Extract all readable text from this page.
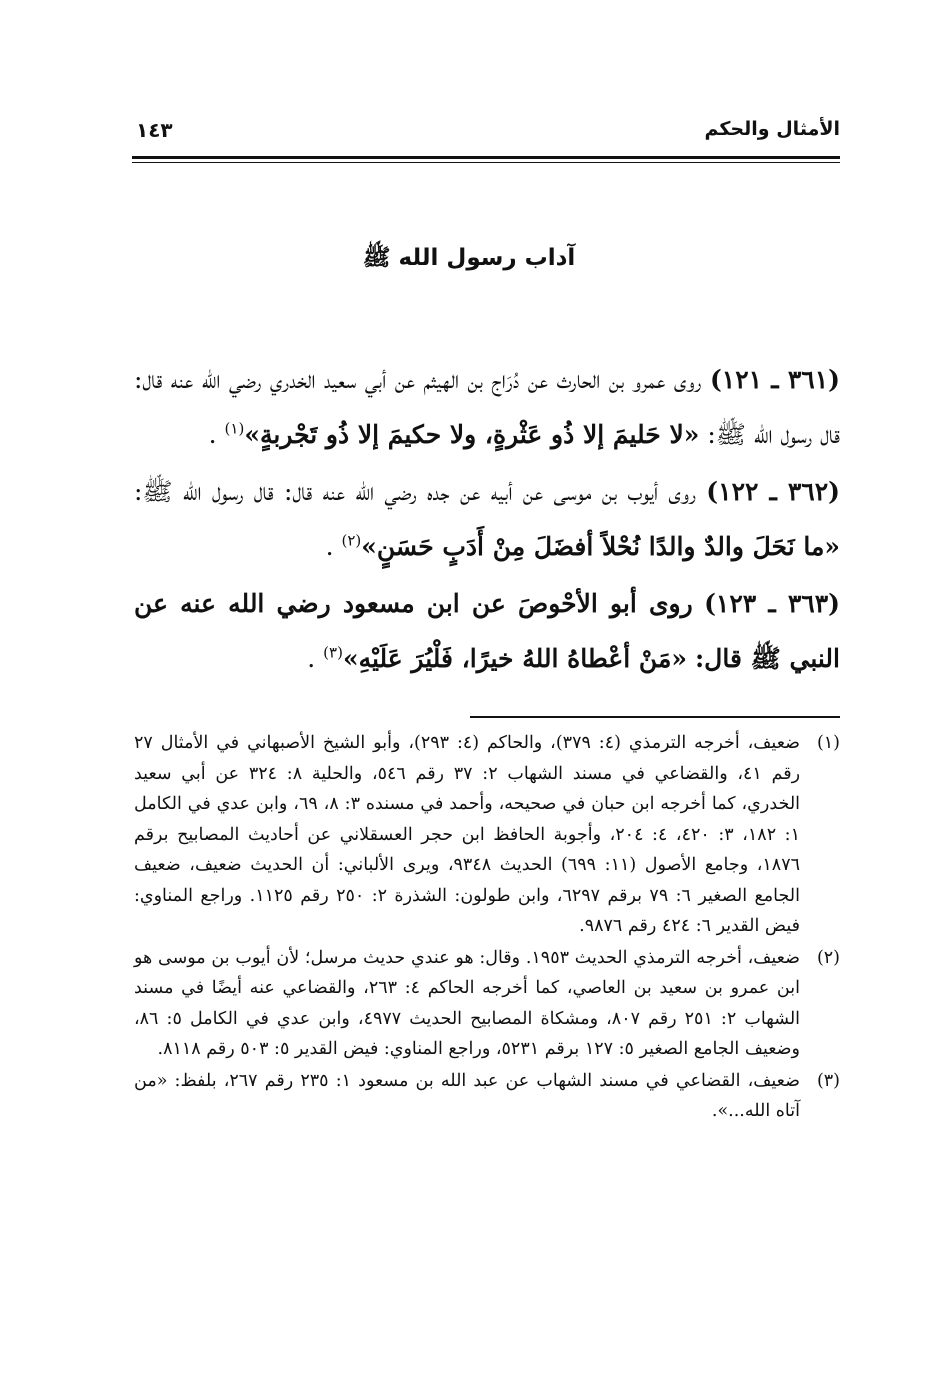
الأمثال والحكم
١٤٣
آداب رسول الله ﷺ

(٣٦١ ـ ١٢١) روى عمرو بن الحارث عن دُرَاج بن الهيثم عن أبي سعيد الخدري رضي الله عنه قال: قال رسول الله ﷺ: «لا حَليمَ إلا ذُو عَثْرةٍ، ولا حكيمَ إلا ذُو تَجْربةٍ»$^{(١)}$ .

(٣٦٢ ـ ١٢٢) روى أيوب بن موسى عن أبيه عن جده رضي الله عنه قال: قال رسول الله ﷺ: «ما نَحَلَ والدٌ والدًا نُحْلاً أفضَلَ مِنْ أَدَبٍ حَسَنٍ»$^{(٢)}$ .

(٣٦٣ ـ ١٢٣) روى أبو الأحْوصَ عن ابن مسعود رضي الله عنه عن النبي ﷺ قال: «مَنْ أعْطاهُ اللهُ خيرًا، فَلْيُرَ عَلَيْهِ»$^{(٣)}$ .

(١)
ضعيف، أخرجه الترمذي (٤: ٣٧٩)، والحاكم (٤: ٢٩٣)، وأبو الشيخ الأصبهاني في الأمثال ٢٧ رقم ٤١، والقضاعي في مسند الشهاب ٢: ٣٧ رقم ٥٤٦، والحلية ٨: ٣٢٤ عن أبي سعيد الخدري، كما أخرجه ابن حبان في صحيحه، وأحمد في مسنده ٣: ٨، ٦٩، وابن عدي في الكامل ١: ١٨٢، ٣: ٤٢٠، ٤: ٢٠٤، وأجوبة الحافظ ابن حجر العسقلاني عن أحاديث المصابيح برقم ١٨٧٦، وجامع الأصول (١١: ٦٩٩) الحديث ٩٣٤٨، ويرى الألباني: أن الحديث ضعيف، ضعيف الجامع الصغير ٦: ٧٩ برقم ٦٢٩٧، وابن طولون: الشذرة ٢: ٢٥٠ رقم ١١٢٥. وراجع المناوي: فيض القدير ٦: ٤٢٤ رقم ٩٨٧٦.

(٢)
ضعيف، أخرجه الترمذي الحديث ١٩٥٣. وقال: هو عندي حديث مرسل؛ لأن أيوب بن موسى هو ابن عمرو بن سعيد بن العاصي، كما أخرجه الحاكم ٤: ٢٦٣، والقضاعي عنه أيضًا في مسند الشهاب ٢: ٢٥١ رقم ٨٠٧، ومشكاة المصابيح الحديث ٤٩٧٧، وابن عدي في الكامل ٥: ٨٦، وضعيف الجامع الصغير ٥: ١٢٧ برقم ٥٢٣١، وراجع المناوي: فيض القدير ٥: ٥٠٣ رقم ٨١١٨.

(٣)
ضعيف، القضاعي في مسند الشهاب عن عبد الله بن مسعود ١: ٢٣٥ رقم ٢٦٧، بلفظ: «من آتاه الله...».
